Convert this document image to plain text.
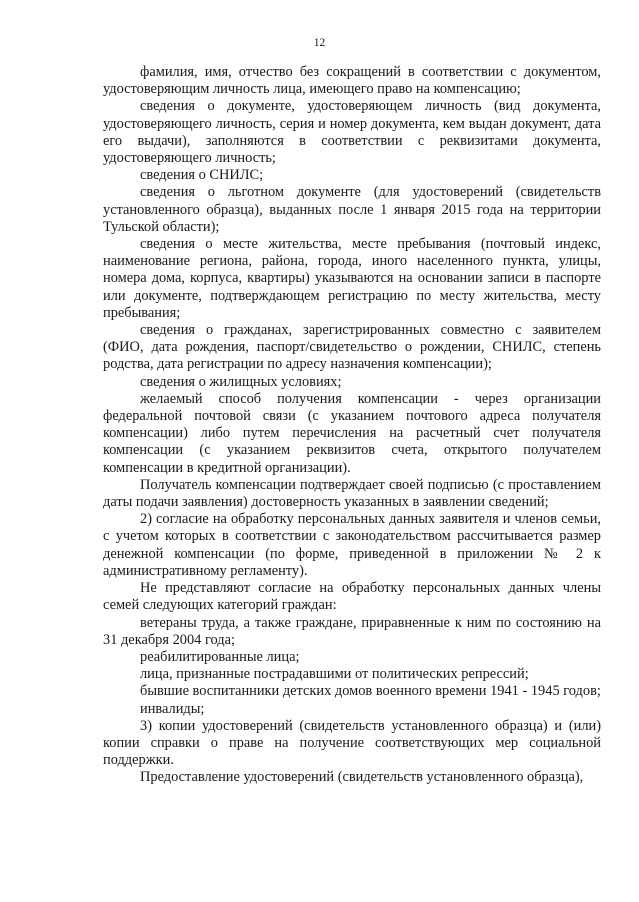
12

фамилия, имя, отчество без сокращений в соответствии с документом, удостоверяющим личность лица, имеющего право на компенсацию;

сведения о документе, удостоверяющем личность (вид документа, удостоверяющего личность, серия и номер документа, кем выдан документ, дата его выдачи), заполняются в соответствии с реквизитами документа, удостоверяющего личность;

сведения о СНИЛС;

сведения о льготном документе (для удостоверений (свидетельств установленного образца), выданных после 1 января 2015 года на территории Тульской области);

сведения о месте жительства, месте пребывания (почтовый индекс, наименование региона, района, города, иного населенного пункта, улицы, номера дома, корпуса, квартиры) указываются на основании записи в паспорте или документе, подтверждающем регистрацию по месту жительства, месту пребывания;

сведения о гражданах, зарегистрированных совместно с заявителем (ФИО, дата рождения, паспорт/свидетельство о рождении, СНИЛС, степень родства, дата регистрации по адресу назначения компенсации);

сведения о жилищных условиях;

желаемый способ получения компенсации - через организации федеральной почтовой связи (с указанием почтового адреса получателя компенсации) либо путем перечисления на расчетный счет получателя компенсации (с указанием реквизитов счета, открытого получателем компенсации в кредитной организации).

Получатель компенсации подтверждает своей подписью (с проставлением даты подачи заявления) достоверность указанных в заявлении сведений;

2) согласие на обработку персональных данных заявителя и членов семьи, с учетом которых в соответствии с законодательством рассчитывается размер денежной компенсации (по форме, приведенной в приложении № 2 к административному регламенту).

Не представляют согласие на обработку персональных данных члены семей следующих категорий граждан:

ветераны труда, а также граждане, приравненные к ним по состоянию на 31 декабря 2004 года;

реабилитированные лица;

лица, признанные пострадавшими от политических репрессий;

бывшие воспитанники детских домов военного времени 1941 - 1945 годов;

инвалиды;

3) копии удостоверений (свидетельств установленного образца) и (или) копии справки о праве на получение соответствующих мер социальной поддержки.

Предоставление удостоверений (свидетельств установленного образца),
